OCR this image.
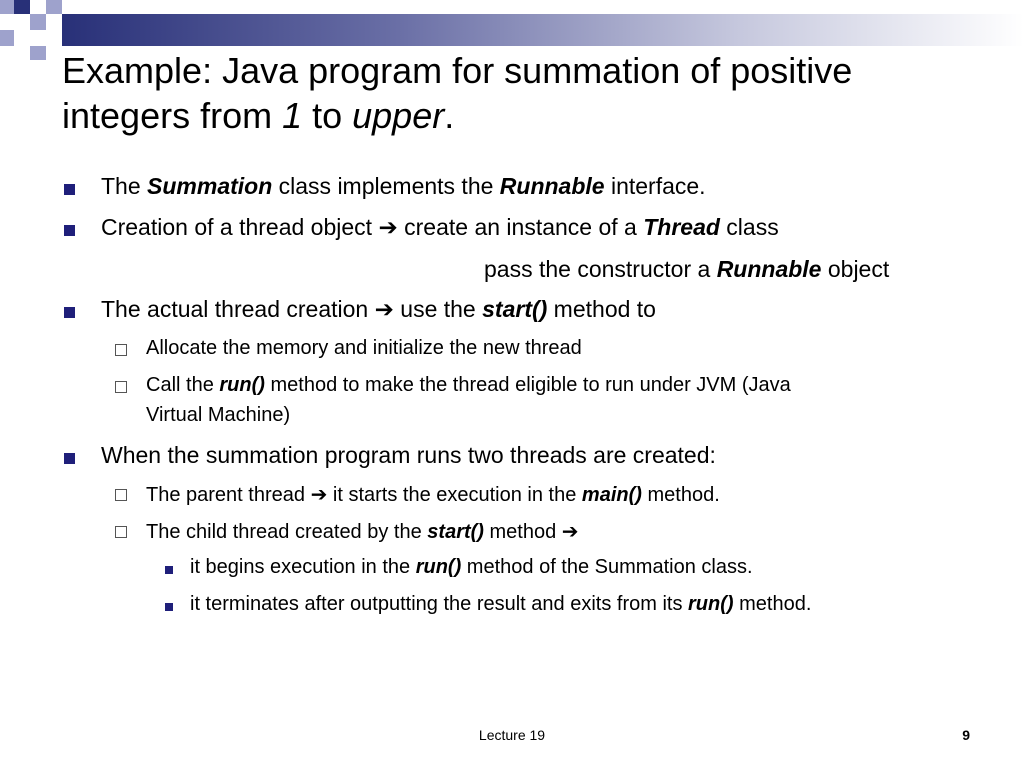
Example: Java program for summation of positive
integers from 1 to upper.
The Summation class implements the Runnable interface.
Creation of a thread object ➔ create an instance of a Thread class
pass the constructor a Runnable object
The actual thread creation ➔ use the start() method to
Allocate the memory and initialize the new thread
Call the run() method to make the thread eligible to run under JVM (Java
Virtual Machine)
When the summation program runs two threads are created:
The parent thread ➔ it starts the execution in the main() method.
The child thread created by the start() method ➔
it begins execution in the run() method of the Summation class.
it terminates after outputting the result and exits from its run() method.
Lecture 19	9
